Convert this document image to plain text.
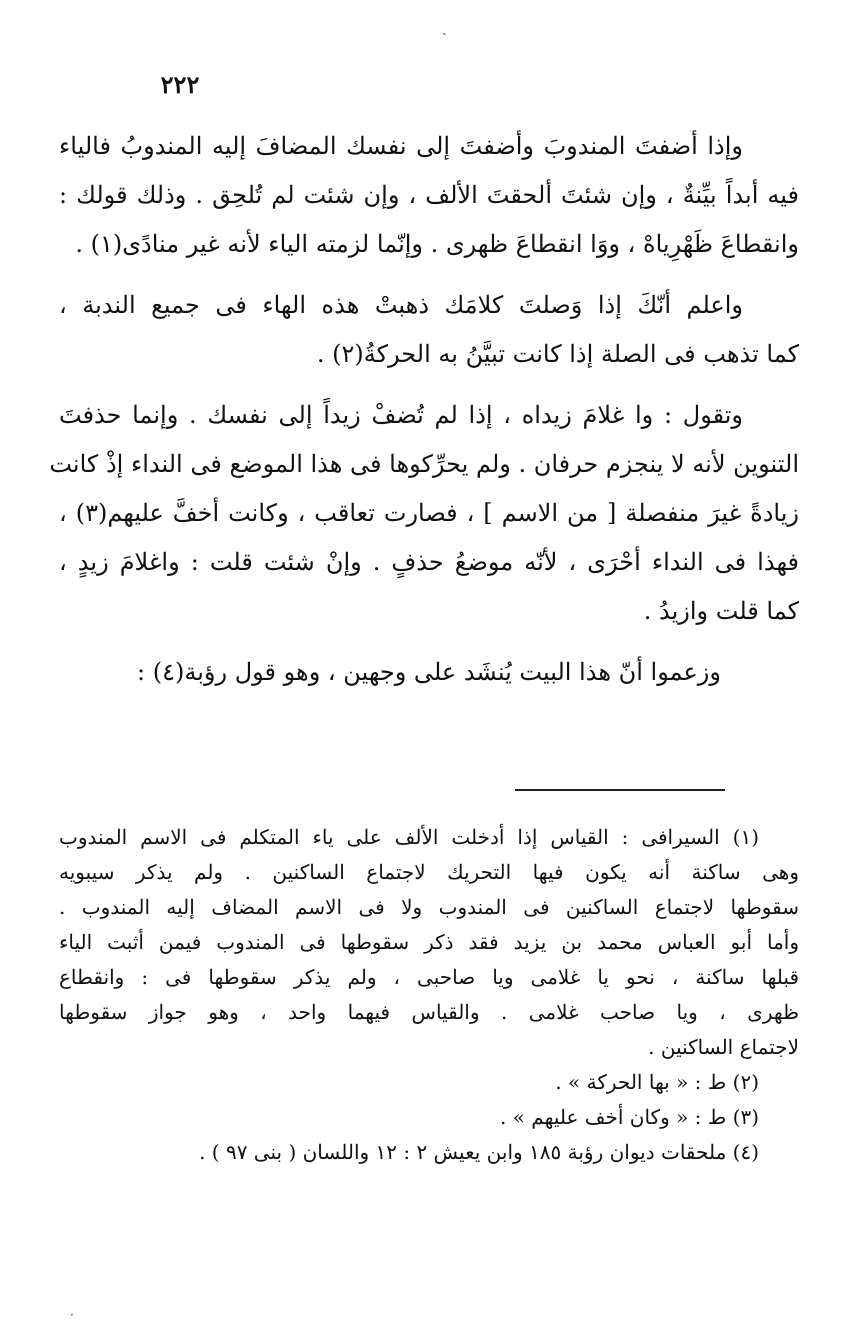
ˏ
٢٢٢
وإذا أضفتَ المندوبَ وأضفتَ إلى نفسك المضافَ إليه المندوبُ فالياء
فيه أبداً بيِّنةٌ ، وإن شئتَ ألحقتَ الألف ، وإن شئت لم تُلحِق . وذلك قولك :
وانقطاعَ ظَهْرِياهْ ، ووَا انقطاعَ ظهرى . وإنّما لزمته الياء لأنه غير منادًى(١) .
واعلم أنّكَ إذا وَصلتَ كلامَك ذهبتْ هذه الهاء فى جميع الندبة ،
كما تذهب فى الصلة إذا كانت تبيَّنُ به الحركةُ(٢) .
وتقول : وا غلامَ زيداه ، إذا لم تُضفْ زيداً إلى نفسك . وإنما حذفتَ
التنوين لأنه لا ينجزم حرفان . ولم يحرِّكوها فى هذا الموضع فى النداء إذْ كانت
زيادةً غيرَ منفصلة [ من الاسم ] ، فصارت تعاقب ، وكانت أخفَّ عليهم(٣) ،
فهذا فى النداء أحْرَى ، لأنّه موضعُ حذفٍ . وإنْ شئت قلت : واغلامَ زيدٍ ،
كما قلت وازيدُ .
وزعموا أنّ هذا البيت يُنشَد على وجهين ، وهو قول رؤبة(٤) :
(١) السيرافى : القياس إذا أدخلت الألف على ياء المتكلم فى الاسم المندوب
وهى ساكنة أنه يكون فيها التحريك لاجتماع الساكنين . ولم يذكر سيبويه
سقوطها لاجتماع الساكنين فى المندوب ولا فى الاسم المضاف إليه المندوب .
وأما أبو العباس محمد بن يزيد فقد ذكر سقوطها فى المندوب فيمن أثبت الياء
قبلها ساكنة ، نحو يا غلامى ويا صاحبى ، ولم يذكر سقوطها فى : وانقطاع
ظهرى ، ويا صاحب غلامى . والقياس فيهما واحد ، وهو جواز سقوطها
لاجتماع الساكنين .
(٢) ط : « بها الحركة » .
(٣) ط : « وكان أخف عليهم » .
(٤) ملحقات ديوان رؤبة ١٨٥ وابن يعيش ٢ : ١٢ واللسان ( بنى ٩٧ ) .
·
